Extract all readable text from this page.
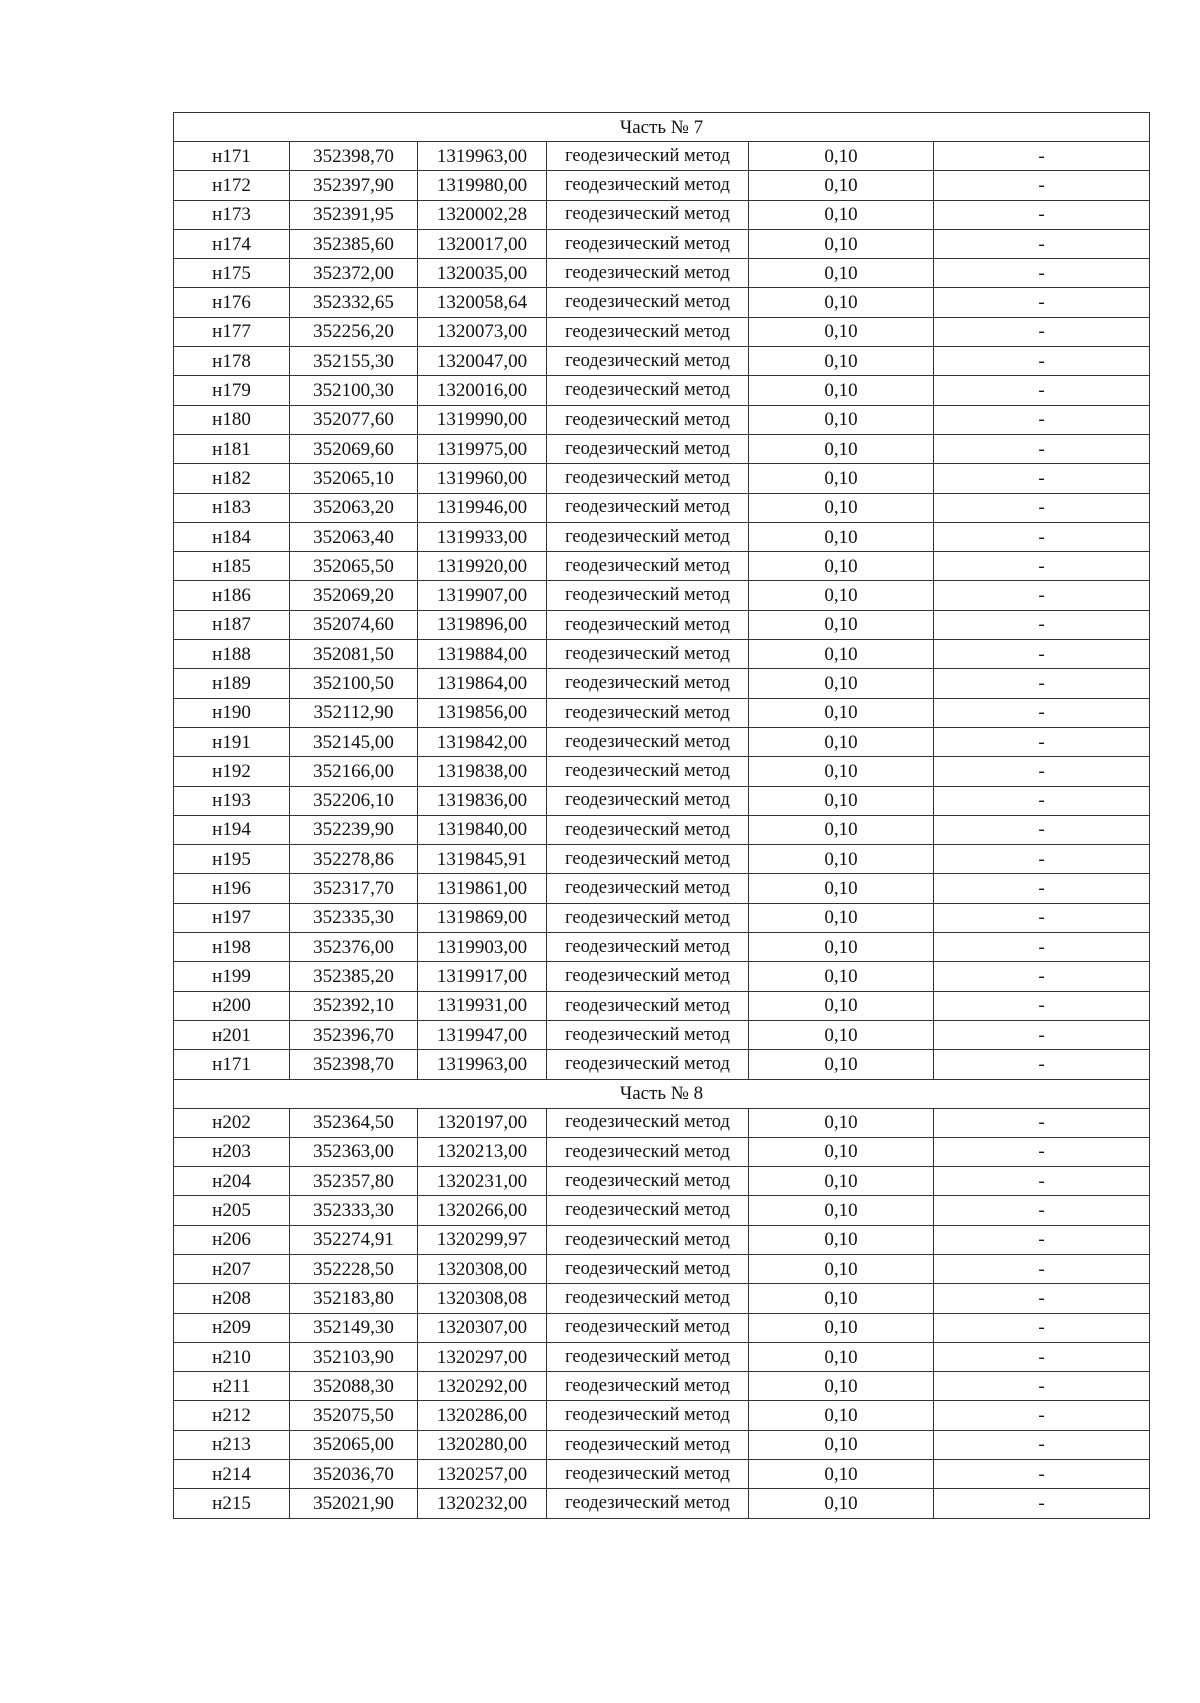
Часть № 7					
н171	352398,70	1319963,00	геодезический метод	0,10	-
н172	352397,90	1319980,00	геодезический метод	0,10	-
н173	352391,95	1320002,28	геодезический метод	0,10	-
н174	352385,60	1320017,00	геодезический метод	0,10	-
н175	352372,00	1320035,00	геодезический метод	0,10	-
н176	352332,65	1320058,64	геодезический метод	0,10	-
н177	352256,20	1320073,00	геодезический метод	0,10	-
н178	352155,30	1320047,00	геодезический метод	0,10	-
н179	352100,30	1320016,00	геодезический метод	0,10	-
н180	352077,60	1319990,00	геодезический метод	0,10	-
н181	352069,60	1319975,00	геодезический метод	0,10	-
н182	352065,10	1319960,00	геодезический метод	0,10	-
н183	352063,20	1319946,00	геодезический метод	0,10	-
н184	352063,40	1319933,00	геодезический метод	0,10	-
н185	352065,50	1319920,00	геодезический метод	0,10	-
н186	352069,20	1319907,00	геодезический метод	0,10	-
н187	352074,60	1319896,00	геодезический метод	0,10	-
н188	352081,50	1319884,00	геодезический метод	0,10	-
н189	352100,50	1319864,00	геодезический метод	0,10	-
н190	352112,90	1319856,00	геодезический метод	0,10	-
н191	352145,00	1319842,00	геодезический метод	0,10	-
н192	352166,00	1319838,00	геодезический метод	0,10	-
н193	352206,10	1319836,00	геодезический метод	0,10	-
н194	352239,90	1319840,00	геодезический метод	0,10	-
н195	352278,86	1319845,91	геодезический метод	0,10	-
н196	352317,70	1319861,00	геодезический метод	0,10	-
н197	352335,30	1319869,00	геодезический метод	0,10	-
н198	352376,00	1319903,00	геодезический метод	0,10	-
н199	352385,20	1319917,00	геодезический метод	0,10	-
н200	352392,10	1319931,00	геодезический метод	0,10	-
н201	352396,70	1319947,00	геодезический метод	0,10	-
н171	352398,70	1319963,00	геодезический метод	0,10	-
Часть № 8					
н202	352364,50	1320197,00	геодезический метод	0,10	-
н203	352363,00	1320213,00	геодезический метод	0,10	-
н204	352357,80	1320231,00	геодезический метод	0,10	-
н205	352333,30	1320266,00	геодезический метод	0,10	-
н206	352274,91	1320299,97	геодезический метод	0,10	-
н207	352228,50	1320308,00	геодезический метод	0,10	-
н208	352183,80	1320308,08	геодезический метод	0,10	-
н209	352149,30	1320307,00	геодезический метод	0,10	-
н210	352103,90	1320297,00	геодезический метод	0,10	-
н211	352088,30	1320292,00	геодезический метод	0,10	-
н212	352075,50	1320286,00	геодезический метод	0,10	-
н213	352065,00	1320280,00	геодезический метод	0,10	-
н214	352036,70	1320257,00	геодезический метод	0,10	-
н215	352021,90	1320232,00	геодезический метод	0,10	-
